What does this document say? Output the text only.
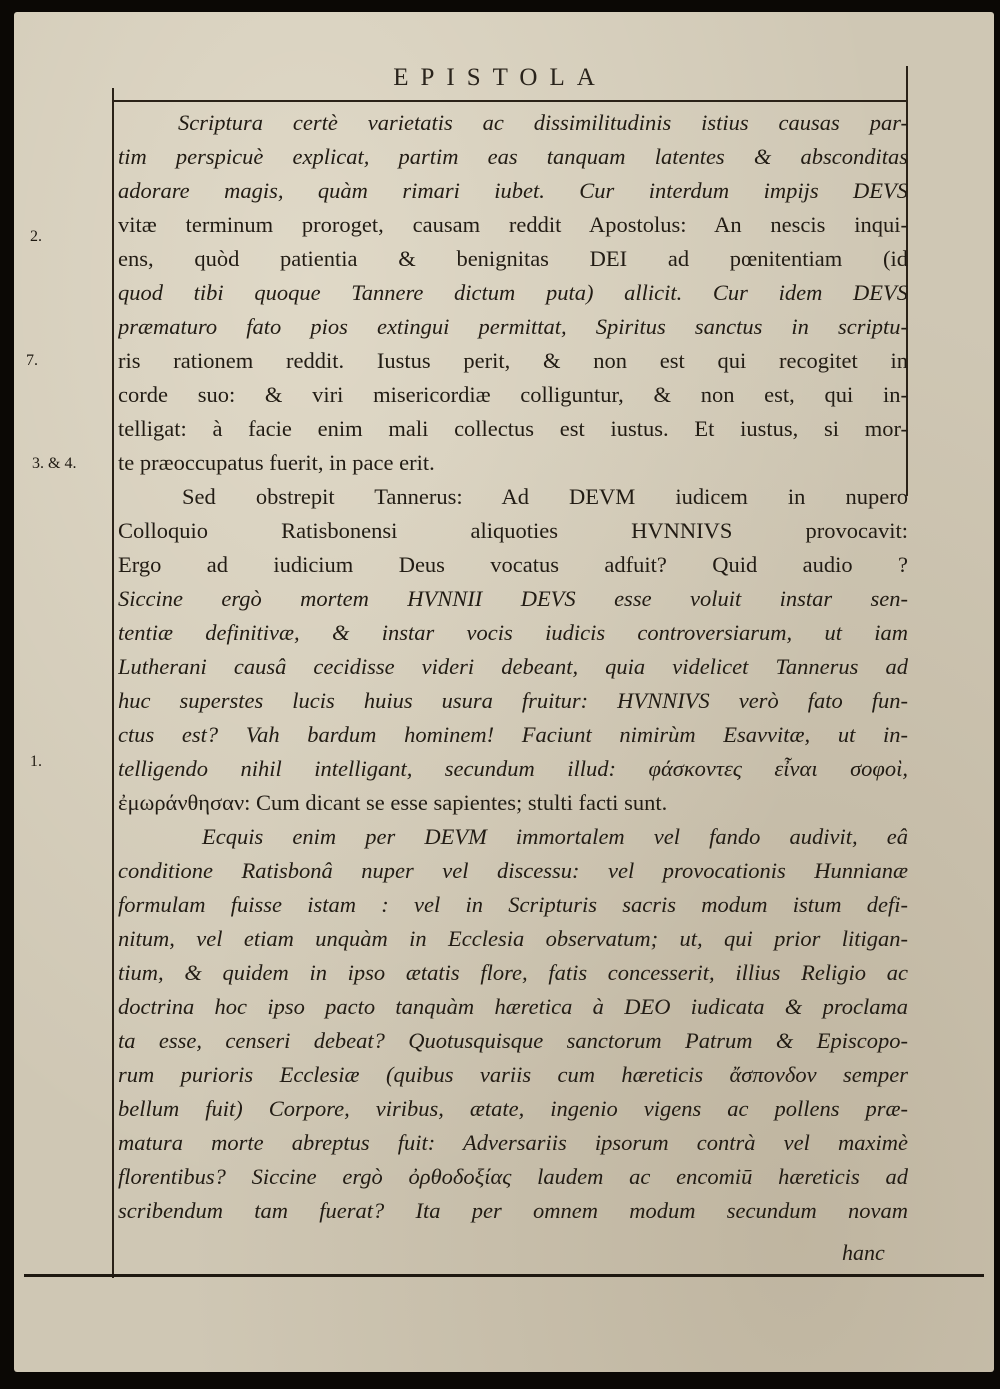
EPISTOLA
2.
7.
3. & 4.
1.
Scriptura certè varietatis ac dissimilitudinis istius causas par-
tim perspicuè explicat, partim eas tanquam latentes & absconditas
adorare magis, quàm rimari iubet. Cur interdum impijs DEVS
vitæ terminum proroget, causam reddit Apostolus: An nescis inqui-
ens, quòd patientia & benignitas DEI ad pœnitentiam (id
quod tibi quoque Tannere dictum puta) allicit. Cur idem DEVS
præmaturo fato pios extingui permittat, Spiritus sanctus in scriptu-
ris rationem reddit. Iustus perit, & non est qui recogitet in
corde suo: & viri misericordiæ colliguntur, & non est, qui in-
telligat: à facie enim mali collectus est iustus. Et iustus, si mor-
te præoccupatus fuerit, in pace erit.
Sed obstrepit Tannerus: Ad DEVM iudicem in nupero
Colloquio Ratisbonensi aliquoties HVNNIVS provocavit:
Ergo ad iudicium Deus vocatus adfuit? Quid audio ?
Siccine ergò mortem HVNNII DEVS esse voluit instar sen-
tentiæ definitivæ, & instar vocis iudicis controversiarum, ut iam
Lutherani causâ cecidisse videri debeant, quia videlicet Tannerus ad
huc superstes lucis huius usura fruitur: HVNNIVS verò fato fun-
ctus est? Vah bardum hominem! Faciunt nimirùm Esavvitæ, ut in-
telligendo nihil intelligant, secundum illud: φάσκοντες εἶναι σοφοὶ,
ἐμωράνθησαν: Cum dicant se esse sapientes; stulti facti sunt.
Ecquis enim per DEVM immortalem vel fando audivit, eâ
conditione Ratisbonâ nuper vel discessu: vel provocationis Hunnianæ
formulam fuisse istam : vel in Scripturis sacris modum istum defi-
nitum, vel etiam unquàm in Ecclesia observatum; ut, qui prior litigan-
tium, & quidem in ipso ætatis flore, fatis concesserit, illius Religio ac
doctrina hoc ipso pacto tanquàm hæretica à DEO iudicata & proclama
ta esse, censeri debeat? Quotusquisque sanctorum Patrum & Episcopo-
rum purioris Ecclesiæ (quibus variis cum hæreticis ἄσπονδον semper
bellum fuit) Corpore, viribus, ætate, ingenio vigens ac pollens præ-
matura morte abreptus fuit: Adversariis ipsorum contrà vel maximè
florentibus? Siccine ergò ὀρθοδοξίας laudem ac encomiū hæreticis ad
scribendum tam fuerat? Ita per omnem modum secundum novam
hanc
